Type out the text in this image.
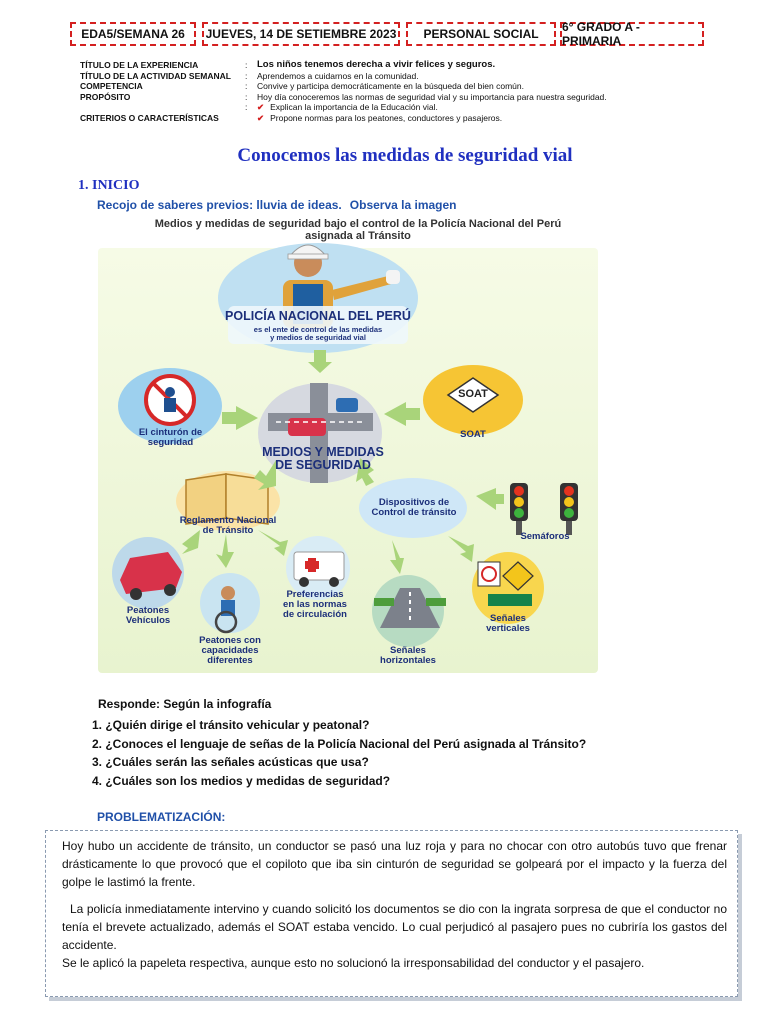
EDA5/SEMANA 26 JUEVES, 14 DE SETIEMBRE 2023 PERSONAL SOCIAL 6° GRADO A - PRIMARIA
TÍTULO DE LA EXPERIENCIA	:	Los niños tenemos derecha a vivir felices y seguros.
TÍTULO DE LA ACTIVIDAD SEMANAL	:	Aprendemos a cuidarnos en la comunidad.
COMPETENCIA	:	Convive y participa democráticamente en la búsqueda del bien común.
PROPÓSITO	:	Hoy día conoceremos las normas de seguridad vial y su importancia para nuestra seguridad.
:	✔ Explican la importancia de la Educación vial.
CRITERIOS O CARACTERÍSTICAS	✔ Propone normas para los peatones, conductores y pasajeros.
Conocemos las medidas de seguridad vial
1. INICIO
Recojo de saberes previos: lluvia de ideas. Observa la imagen
Medios y medidas de seguridad bajo el control de la Policía Nacional del Perú
asignada al Tránsito
POLICÍA NACIONAL DEL PERÚ
es el ente de control de las medidas
y medios de seguridad vial
MEDIOS Y MEDIDAS
DE SEGURIDAD
El cinturón de
seguridad
SOAT
SOAT
Reglamento Nacional
de Tránsito
Dispositivos de
Control de tránsito
Semáforos
Peatones
Vehículos
Peatones con
capacidades
diferentes
Preferencias
en las normas
de circulación
Señales
horizontales
Señales
verticales
Responde: Según la infografía
1. ¿Quién dirige el tránsito vehicular y peatonal?
2. ¿Conoces el lenguaje de señas de la Policía Nacional del Perú asignada al Tránsito?
3. ¿Cuáles serán las señales acústicas que usa?
4. ¿Cuáles son los medios y medidas de seguridad?
PROBLEMATIZACIÓN:

Hoy hubo un accidente de tránsito, un conductor se pasó una luz roja y para no chocar con otro autobús tuvo que frenar drásticamente lo que provocó que el copiloto que iba sin cinturón de seguridad se golpeará por el impacto y la fuerza del golpe le lastimó la frente.

La policía inmediatamente intervino y cuando solicitó los documentos se dio con la ingrata sorpresa de que el conductor no tenía el brevete actualizado, además el SOAT estaba vencido. Lo cual perjudicó al pasajero pues no cubriría los gastos del accidente.

Se le aplicó la papeleta respectiva, aunque esto no solucionó la irresponsabilidad del conductor y el pasajero.
